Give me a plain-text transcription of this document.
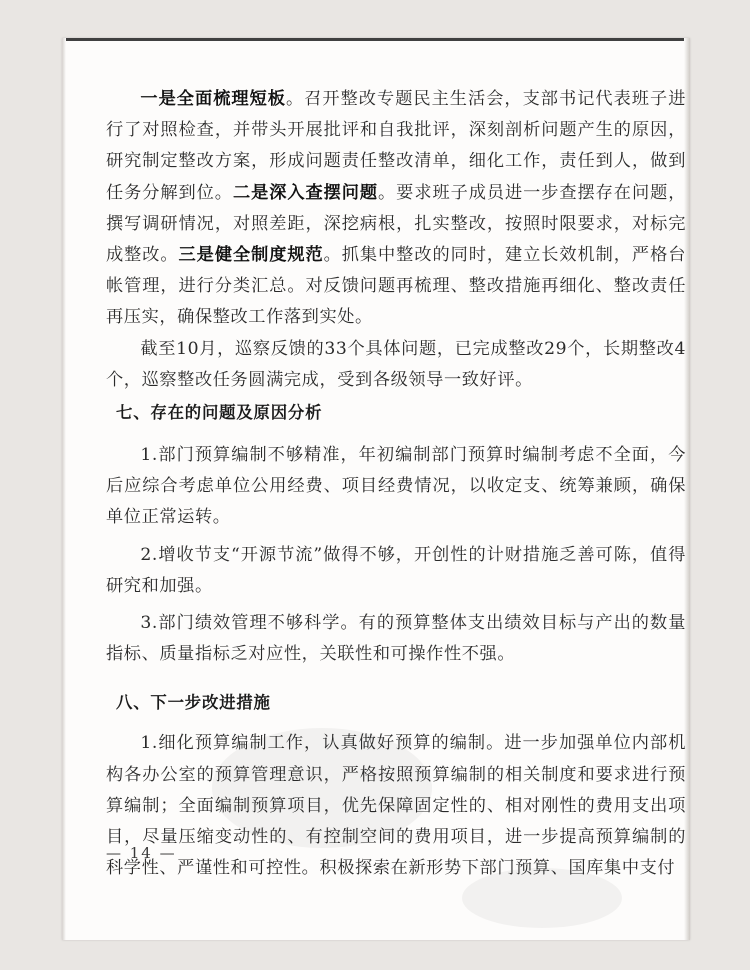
一是全面梳理短板。召开整改专题民主生活会，支部书记代表班子进行了对照检查，并带头开展批评和自我批评，深刻剖析问题产生的原因，研究制定整改方案，形成问题责任整改清单，细化工作，责任到人，做到任务分解到位。二是深入查摆问题。要求班子成员进一步查摆存在问题，撰写调研情况，对照差距，深挖病根，扎实整改，按照时限要求，对标完成整改。三是健全制度规范。抓集中整改的同时，建立长效机制，严格台帐管理，进行分类汇总。对反馈问题再梳理、整改措施再细化、整改责任再压实，确保整改工作落到实处。

截至10月，巡察反馈的33个具体问题，已完成整改29个，长期整改4个，巡察整改任务圆满完成，受到各级领导一致好评。

七、存在的问题及原因分析

1.部门预算编制不够精准，年初编制部门预算时编制考虑不全面，今后应综合考虑单位公用经费、项目经费情况，以收定支、统筹兼顾，确保单位正常运转。

2.增收节支“开源节流”做得不够，开创性的计财措施乏善可陈，值得研究和加强。

3.部门绩效管理不够科学。有的预算整体支出绩效目标与产出的数量指标、质量指标乏对应性，关联性和可操作性不强。

八、下一步改进措施

1.细化预算编制工作，认真做好预算的编制。进一步加强单位内部机构各办公室的预算管理意识，严格按照预算编制的相关制度和要求进行预算编制；全面编制预算项目，优先保障固定性的、相对刚性的费用支出项目，尽量压缩变动性的、有控制空间的费用项目，进一步提高预算编制的科学性、严谨性和可控性。积极探索在新形势下部门预算、国库集中支付

— 14 —
